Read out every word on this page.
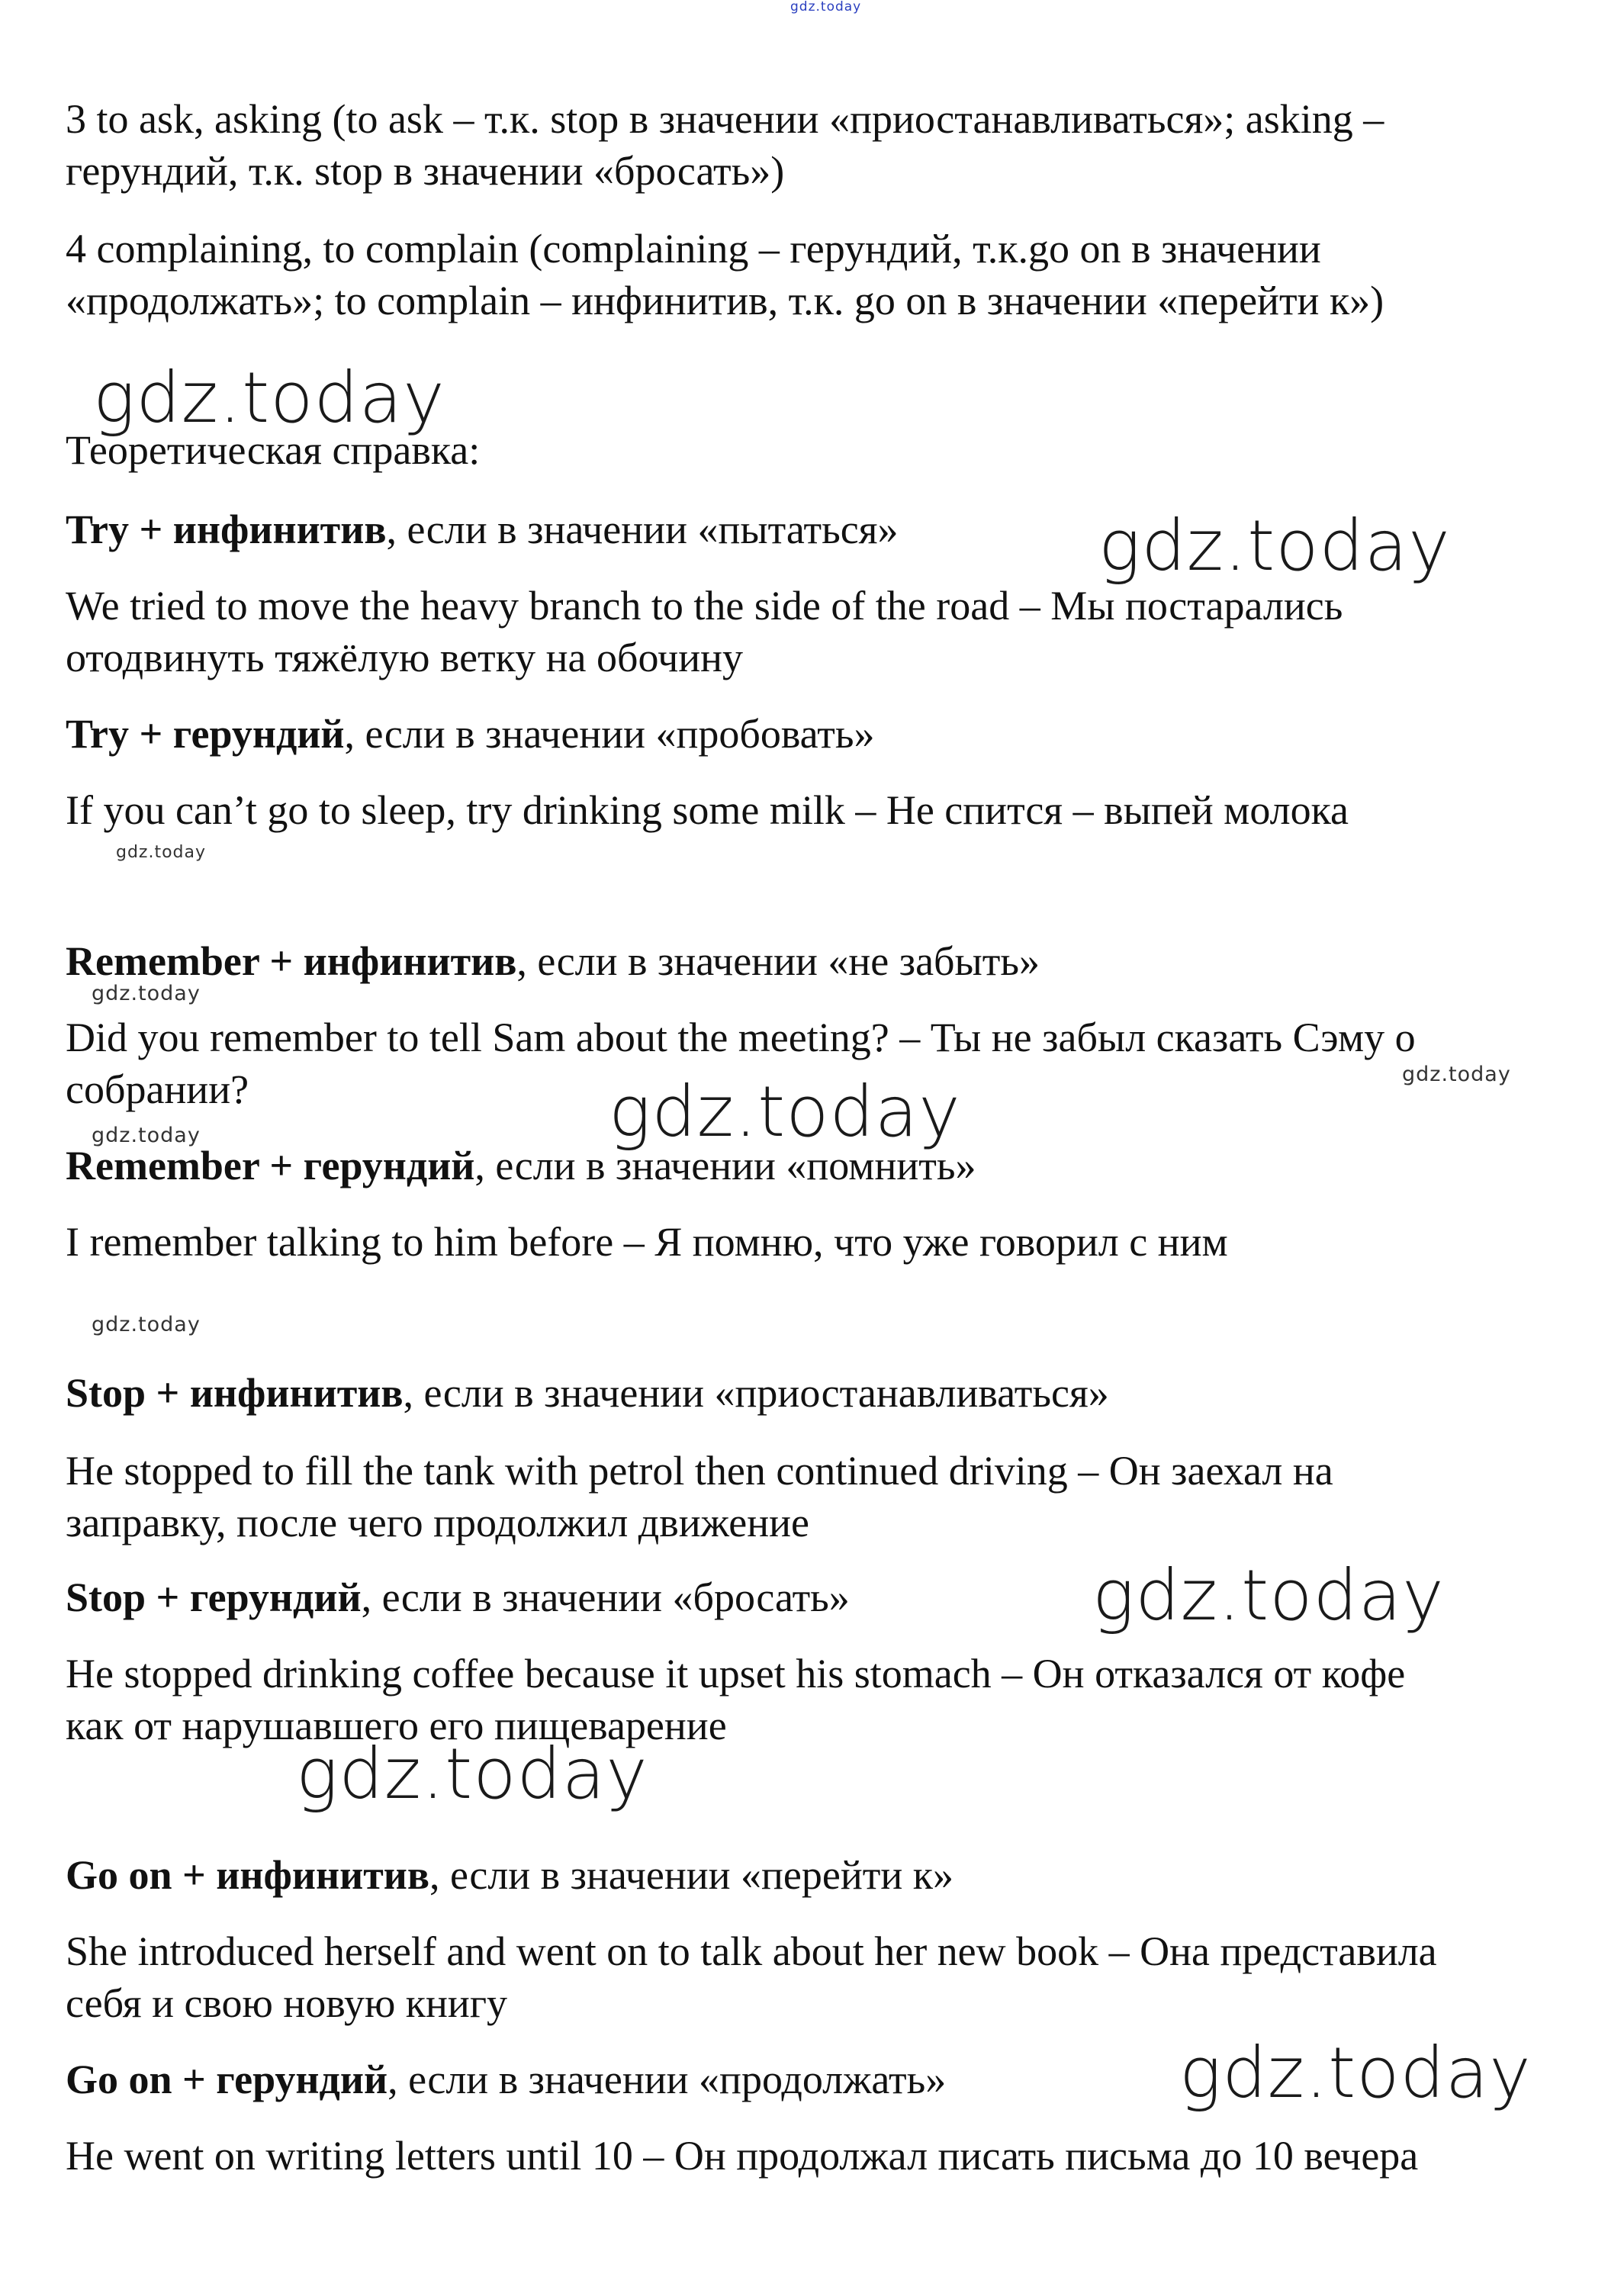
gdz.today

3 to ask, asking (to ask – т.к. stop в значении «приостанавливаться»; asking –

герундий, т.к. stop в значении «бросать»)

4 complaining, to complain (complaining – герундий, т.к.go on в значении

«продолжать»; to complain – инфинитив, т.к. go on в значении «перейти к»)

gdz.today

Теоретическая справка:

Try + инфинитив, если в значении «пытаться»	gdz.today

We tried to move the heavy branch to the side of the road – Мы постарались

отодвинуть тяжёлую ветку на обочину

Try + герундий, если в значении «пробовать»

If you can’t go to sleep, try drinking some milk – Не спится – выпей молока

gdz.today

Remember + инфинитив, если в значении «не забыть»

gdz.today

Did you remember to tell Sam about the meeting? – Ты не забыл сказать Сэму о

gdz.today

собрании?	gdz.today
gdz.today

Remember + герундий, если в значении «помнить»

I remember talking to him before – Я помню, что уже говорил с ним

gdz.today

Stop + инфинитив, если в значении «приостанавливаться»

He stopped to fill the tank with petrol then continued driving – Он заехал на

заправку, после чего продолжил движение

Stop + герундий, если в значении «бросать»	gdz.today

He stopped drinking coffee because it upset his stomach – Он отказался от кофе

как от нарушавшего его пищеварение

gdz.today

Go on + инфинитив, если в значении «перейти к»

She introduced herself and went on to talk about her new book – Она представила

себя и свою новую книгу

Go on + герундий, если в значении «продолжать»	gdz.today

He went on writing letters until 10 – Он продолжал писать письма до 10 вечера
